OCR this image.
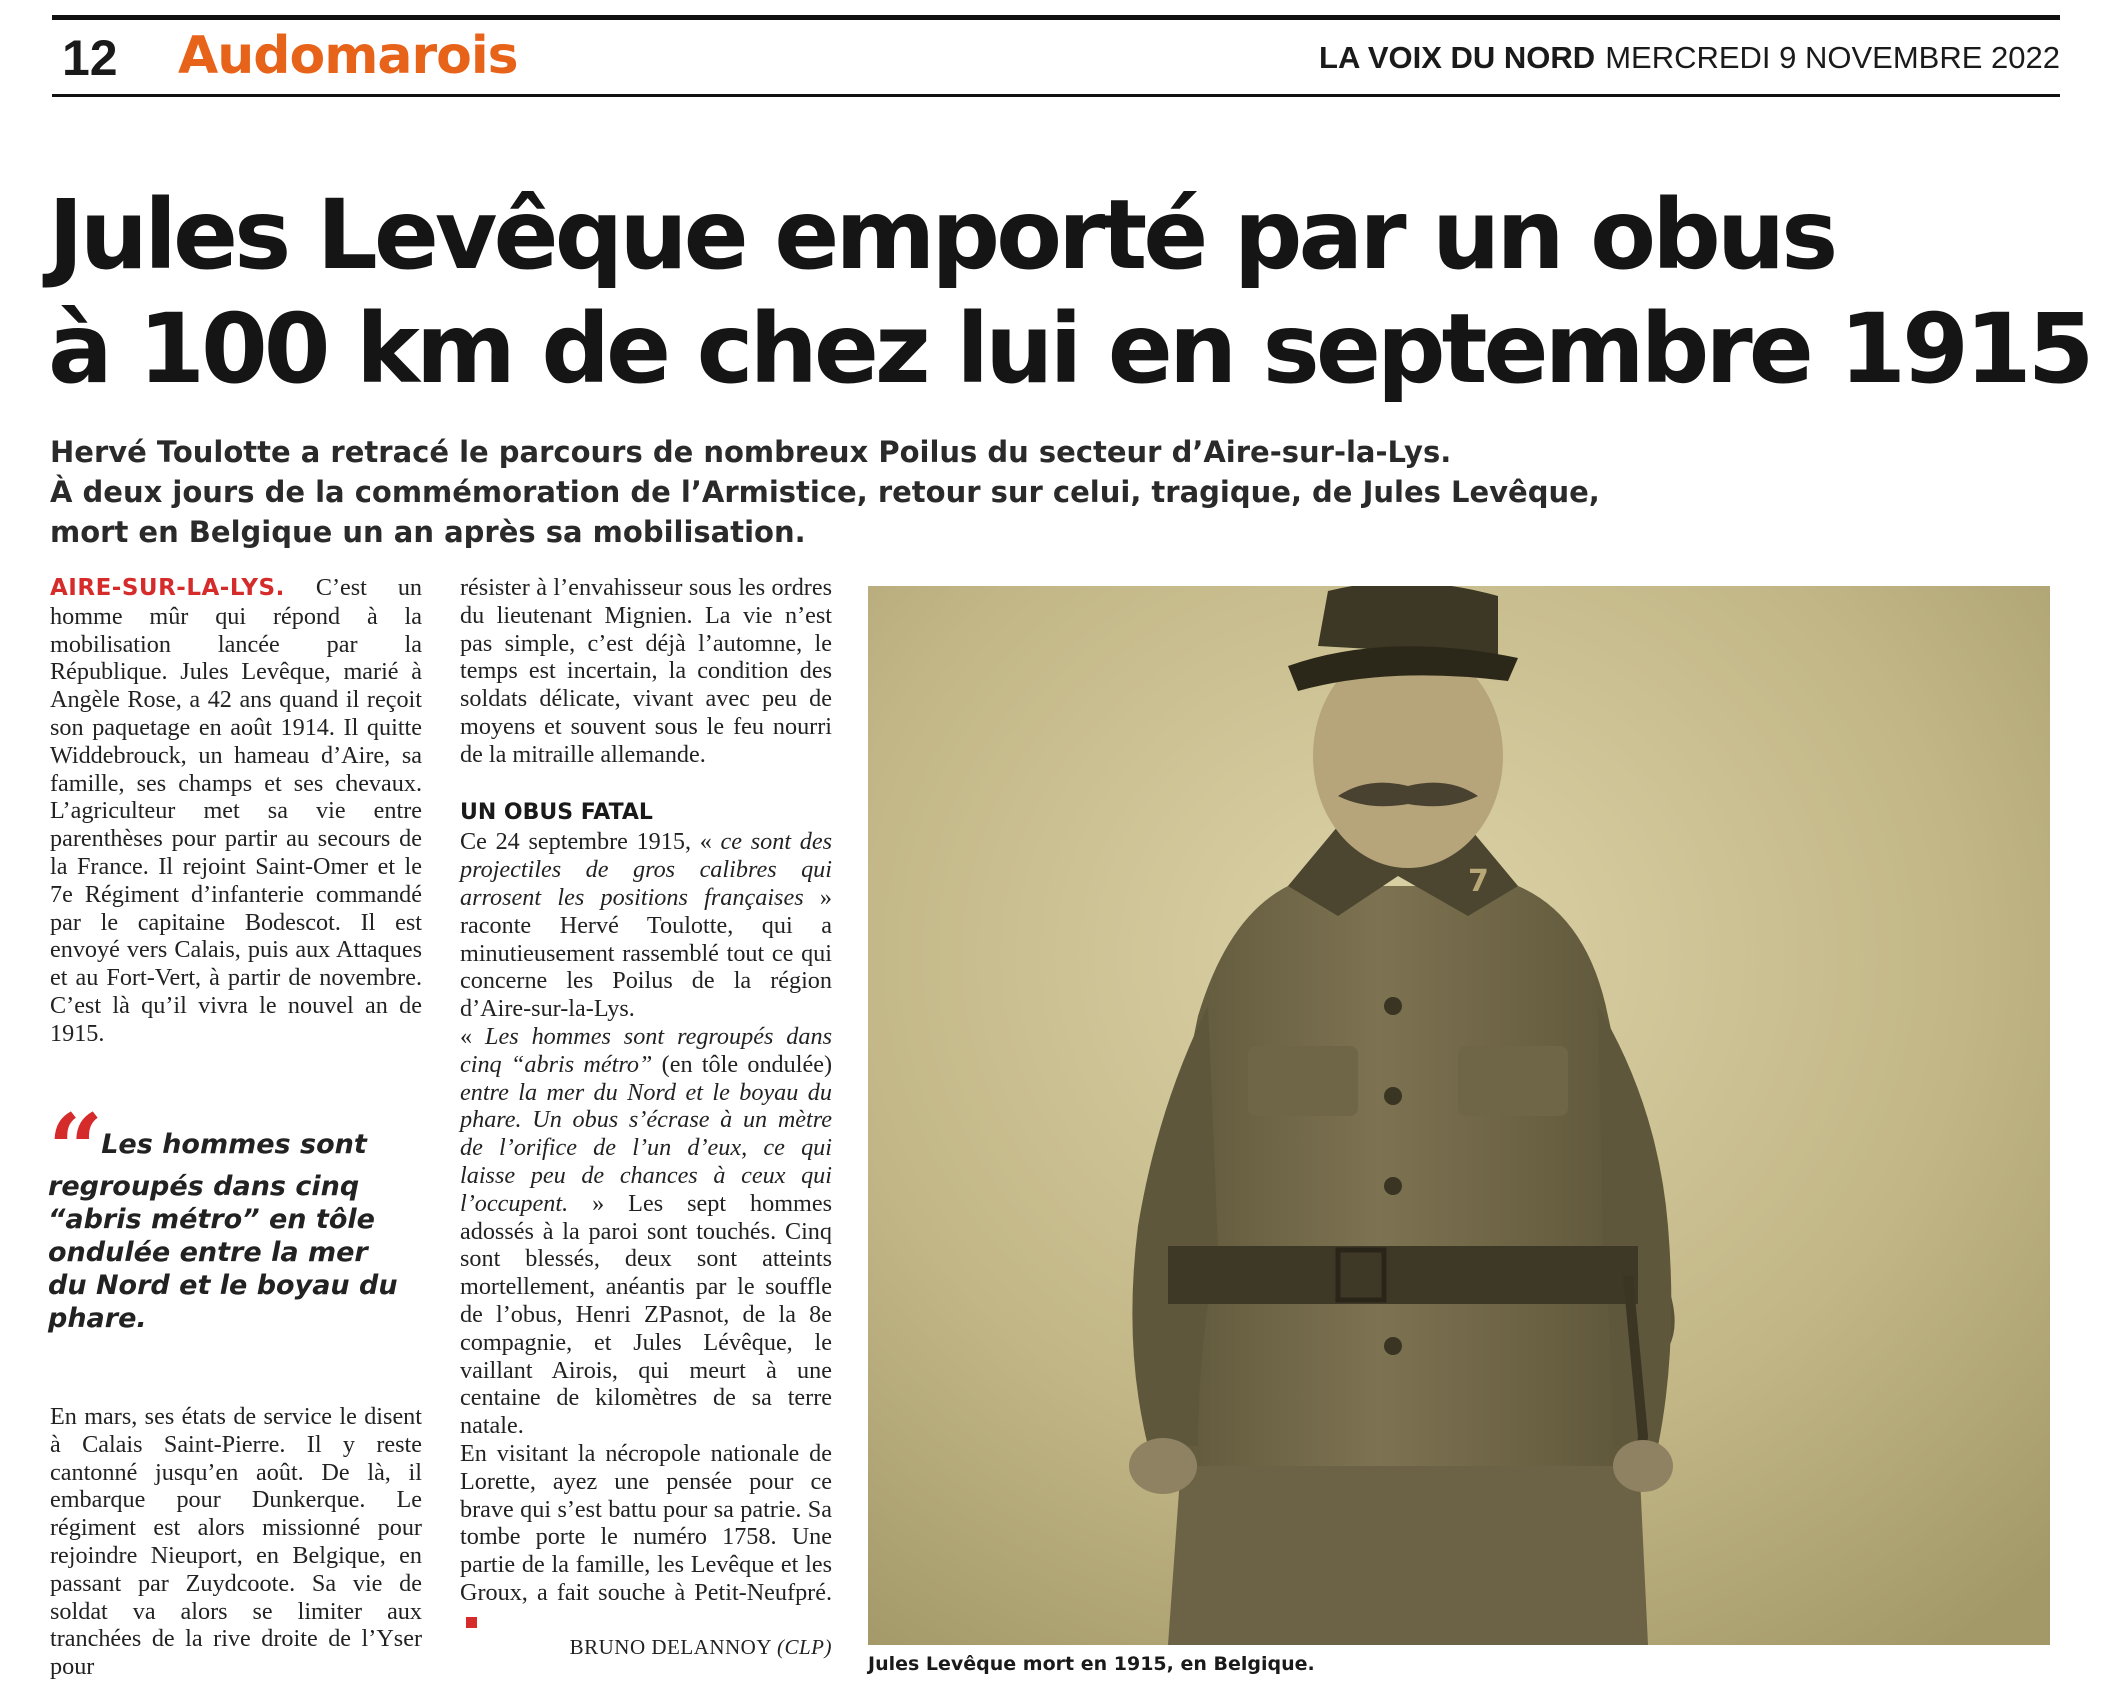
12 Audomarois	LA VOIX DU NORD MERCREDI 9 NOVEMBRE 2022
Jules Levêque emporté par un obus
à 100 km de chez lui en septembre 1915
Hervé Toulotte a retracé le parcours de nombreux Poilus du secteur d’Aire-sur-la-Lys.
À deux jours de la commémoration de l’Armistice, retour sur celui, tragique, de Jules Levêque,
mort en Belgique un an après sa mobilisation.

AIRE-SUR-LA-LYS. C’est un homme mûr qui répond à la mobilisation lancée par la République. Jules Levêque, marié à Angèle Rose, a 42 ans quand il reçoit son paquetage en août 1914. Il quitte Widdebrouck, un hameau d’Aire, sa famille, ses champs et ses chevaux. L’agriculteur met sa vie entre parenthèses pour partir au secours de la France. Il rejoint Saint-Omer et le 7e Régiment d’infanterie commandé par le capitaine Bodescot. Il est envoyé vers Calais, puis aux Attaques et au Fort-Vert, à partir de novembre. C’est là qu’il vivra le nouvel an de 1915.

“ Les hommes sont regroupés dans cinq “abris métro” en tôle ondulée entre la mer du Nord et le boyau du phare.

En mars, ses états de service le disent à Calais Saint-Pierre. Il y reste cantonné jusqu’en août. De là, il embarque pour Dunkerque. Le régiment est alors missionné pour rejoindre Nieuport, en Belgique, en passant par Zuydcoote. Sa vie de soldat va alors se limiter aux tranchées de la rive droite de l’Yser pour

résister à l’envahisseur sous les ordres du lieutenant Mignien. La vie n’est pas simple, c’est déjà l’automne, le temps est incertain, la condition des soldats délicate, vivant avec peu de moyens et souvent sous le feu nourri de la mitraille allemande.

UN OBUS FATAL

Ce 24 septembre 1915, « ce sont des projectiles de gros calibres qui arrosent les positions françaises » raconte Hervé Toulotte, qui a minutieusement rassemblé tout ce qui concerne les Poilus de la région d’Aire-sur-la-Lys.

« Les hommes sont regroupés dans cinq “abris métro” (en tôle ondulée) entre la mer du Nord et le boyau du phare. Un obus s’écrase à un mètre de l’orifice de l’un d’eux, ce qui laisse peu de chances à ceux qui l’occupent. » Les sept hommes adossés à la paroi sont touchés. Cinq sont blessés, deux sont atteints mortellement, anéantis par le souffle de l’obus, Henri ZPasnot, de la 8e compagnie, et Jules Lévêque, le vaillant Airois, qui meurt à une centaine de kilomètres de sa terre natale.

En visitant la nécropole nationale de Lorette, ayez une pensée pour ce brave qui s’est battu pour sa patrie. Sa tombe porte le numéro 1758. Une partie de la famille, les Levêque et les Groux, a fait souche à Petit-Neufpré.

BRUNO DELANNOY (CLP)

7
Jules Levêque mort en 1915, en Belgique.
